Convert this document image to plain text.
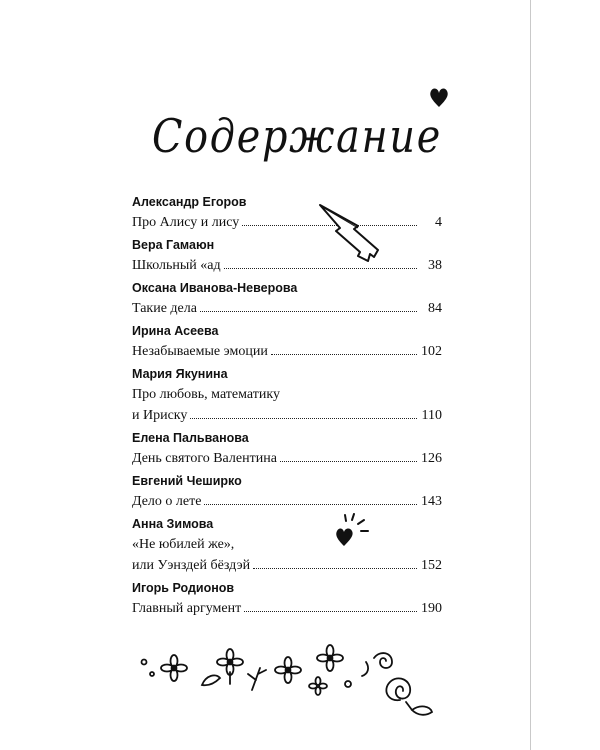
Содержание
Александр Егоров
Про Алису и лису	4
Вера Гамаюн
Школьный «ад	38
Оксана Иванова-Неверова
Такие дела	84
Ирина Асеева
Незабываемые эмоции	102
Мария Якунина
Про любовь, математику
и Ириску	110
Елена Пальванова
День святого Валентина	126
Евгений Чеширко
Дело о лете	143
Анна Зимова
«Не юбилей же»,
или Уэнздей бёздэй	152
Игорь Родионов
Главный аргумент	190
